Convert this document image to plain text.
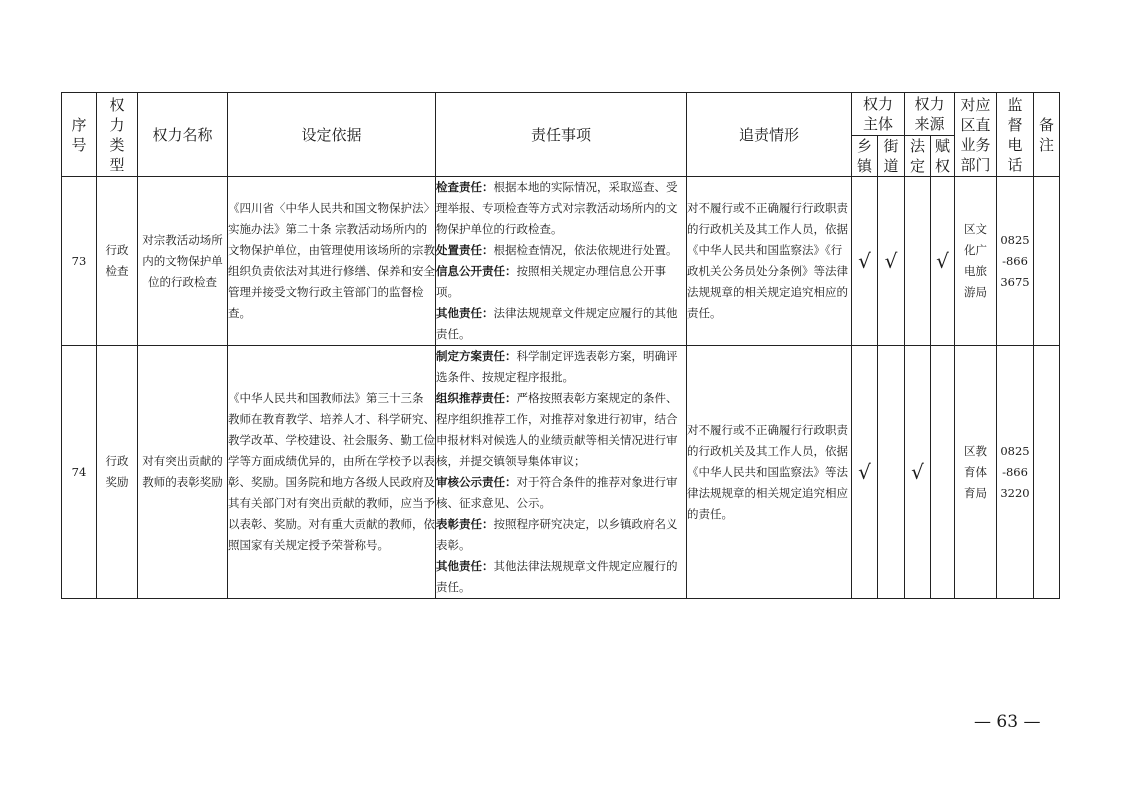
序号	权力类型	权力名称	设定依据	责任事项	追责情形	权力主体		权力来源		对应区直业务部门	监督电话	备注
						乡镇	街道	法定	赋权			
73	行政检查	对宗教活动场所内的文物保护单位的行政检查	《四川省〈中华人民共和国文物保护法〉实施办法》第二十条 宗教活动场所内的文物保护单位，由管理使用该场所的宗教组织负责依法对其进行修缮、保养和安全管理并接受文物行政主管部门的监督检查。	检查责任：根据本地的实际情况，采取巡查、受理举报、专项检查等方式对宗教活动场所内的文物保护单位的行政检查。

处置责任：根据检查情况，依法依规进行处置。

信息公开责任：按照相关规定办理信息公开事项。

其他责任：法律法规规章文件规定应履行的其他责任。	对不履行或不正确履行行政职责的行政机关及其工作人员，依据《中华人民共和国监察法》《行政机关公务员处分条例》等法律法规规章的相关规定追究相应的责任。	√	√		√	区文化广电旅游局	0825-8663675	
74	行政奖励	对有突出贡献的教师的表彰奖励	《中华人民共和国教师法》第三十三条 教师在教育教学、培养人才、科学研究、 教学改革、学校建设、社会服务、勤工俭学等方面成绩优异的，由所在学校予以表 彰、奖励。国务院和地方各级人民政府及其有关部门对有突出贡献的教师，应当予 以表彰、奖励。对有重大贡献的教师，依照国家有关规定授予荣誉称号。	制定方案责任：科学制定评选表彰方案，明确评选条件、按规定程序报批。

组织推荐责任：严格按照表彰方案规定的条件、程序组织推荐工作，对推荐对象进行初审，结合申报材料对候选人的业绩贡献等相关情况进行审核，并提交镇领导集体审议；

审核公示责任：对于符合条件的推荐对象进行审核、征求意见、公示。

表彰责任：按照程序研究决定，以乡镇政府名义表彰。

其他责任：其他法律法规规章文件规定应履行的责任。	对不履行或不正确履行行政职责的行政机关及其工作人员，依据《中华人民共和国监察法》等法律法规规章的相关规定追究相应的责任。	√		√		区教育体育局	0825-8663220	
— 63 —
